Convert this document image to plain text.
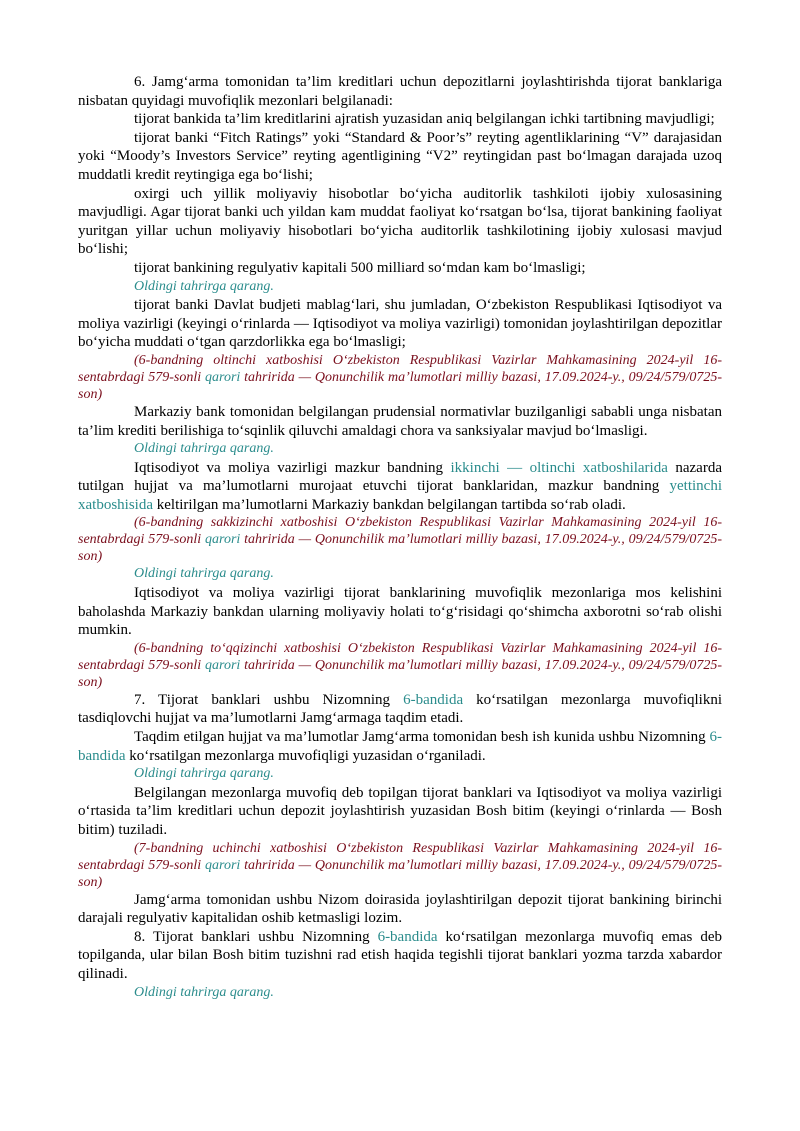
6. Jamg‘arma tomonidan ta’lim kreditlari uchun depozitlarni joylashtirishda tijorat banklariga nisbatan quyidagi muvofiqlik mezonlari belgilanadi:

tijorat bankida ta’lim kreditlarini ajratish yuzasidan aniq belgilangan ichki tartibning mavjudligi;

tijorat banki “Fitch Ratings” yoki “Standard & Poor’s” reyting agentliklarining “V” darajasidan yoki “Moody’s Investors Service” reyting agentligining “V2” reytingidan past bo‘lmagan darajada uzoq muddatli kredit reytingiga ega bo‘lishi;

oxirgi uch yillik moliyaviy hisobotlar bo‘yicha auditorlik tashkiloti ijobiy xulosasining mavjudligi. Agar tijorat banki uch yildan kam muddat faoliyat ko‘rsatgan bo‘lsa, tijorat bankining faoliyat yuritgan yillar uchun moliyaviy hisobotlari bo‘yicha auditorlik tashkilotining ijobiy xulosasi mavjud bo‘lishi;

tijorat bankining regulyativ kapitali 500 milliard so‘mdan kam bo‘lmasligi;

Oldingi tahrirga qarang.

tijorat banki Davlat budjeti mablag‘lari, shu jumladan, O‘zbekiston Respublikasi Iqtisodiyot va moliya vazirligi (keyingi o‘rinlarda — Iqtisodiyot va moliya vazirligi) tomonidan joylashtirilgan depozitlar bo‘yicha muddati o‘tgan qarzdorlikka ega bo‘lmasligi;

(6-bandning oltinchi xatboshisi O‘zbekiston Respublikasi Vazirlar Mahkamasining 2024-yil 16-sentabrdagi 579-sonli qarori tahririda — Qonunchilik ma’lumotlari milliy bazasi, 17.09.2024-y., 09/24/579/0725-son)

Markaziy bank tomonidan belgilangan prudensial normativlar buzilganligi sababli unga nisbatan ta’lim krediti berilishiga to‘sqinlik qiluvchi amaldagi chora va sanksiyalar mavjud bo‘lmasligi.

Oldingi tahrirga qarang.

Iqtisodiyot va moliya vazirligi mazkur bandning ikkinchi — oltinchi xatboshilarida nazarda tutilgan hujjat va ma’lumotlarni murojaat etuvchi tijorat banklaridan, mazkur bandning yettinchi xatboshisida keltirilgan ma’lumotlarni Markaziy bankdan belgilangan tartibda so‘rab oladi.

(6-bandning sakkizinchi xatboshisi O‘zbekiston Respublikasi Vazirlar Mahkamasining 2024-yil 16-sentabrdagi 579-sonli qarori tahririda — Qonunchilik ma’lumotlari milliy bazasi, 17.09.2024-y., 09/24/579/0725-son)

Oldingi tahrirga qarang.

Iqtisodiyot va moliya vazirligi tijorat banklarining muvofiqlik mezonlariga mos kelishini baholashda Markaziy bankdan ularning moliyaviy holati to‘g‘risidagi qo‘shimcha axborotni so‘rab olishi mumkin.

(6-bandning to‘qqizinchi xatboshisi O‘zbekiston Respublikasi Vazirlar Mahkamasining 2024-yil 16-sentabrdagi 579-sonli qarori tahririda — Qonunchilik ma’lumotlari milliy bazasi, 17.09.2024-y., 09/24/579/0725-son)

7. Tijorat banklari ushbu Nizomning 6-bandida ko‘rsatilgan mezonlarga muvofiqlikni tasdiqlovchi hujjat va ma’lumotlarni Jamg‘armaga taqdim etadi.

Taqdim etilgan hujjat va ma’lumotlar Jamg‘arma tomonidan besh ish kunida ushbu Nizomning 6-bandida ko‘rsatilgan mezonlarga muvofiqligi yuzasidan o‘rganiladi.

Oldingi tahrirga qarang.

Belgilangan mezonlarga muvofiq deb topilgan tijorat banklari va Iqtisodiyot va moliya vazirligi o‘rtasida ta’lim kreditlari uchun depozit joylashtirish yuzasidan Bosh bitim (keyingi o‘rinlarda — Bosh bitim) tuziladi.

(7-bandning uchinchi xatboshisi O‘zbekiston Respublikasi Vazirlar Mahkamasining 2024-yil 16-sentabrdagi 579-sonli qarori tahririda — Qonunchilik ma’lumotlari milliy bazasi, 17.09.2024-y., 09/24/579/0725-son)

Jamg‘arma tomonidan ushbu Nizom doirasida joylashtirilgan depozit tijorat bankining birinchi darajali regulyativ kapitalidan oshib ketmasligi lozim.

8. Tijorat banklari ushbu Nizomning 6-bandida ko‘rsatilgan mezonlarga muvofiq emas deb topilganda, ular bilan Bosh bitim tuzishni rad etish haqida tegishli tijorat banklari yozma tarzda xabardor qilinadi.

Oldingi tahrirga qarang.
